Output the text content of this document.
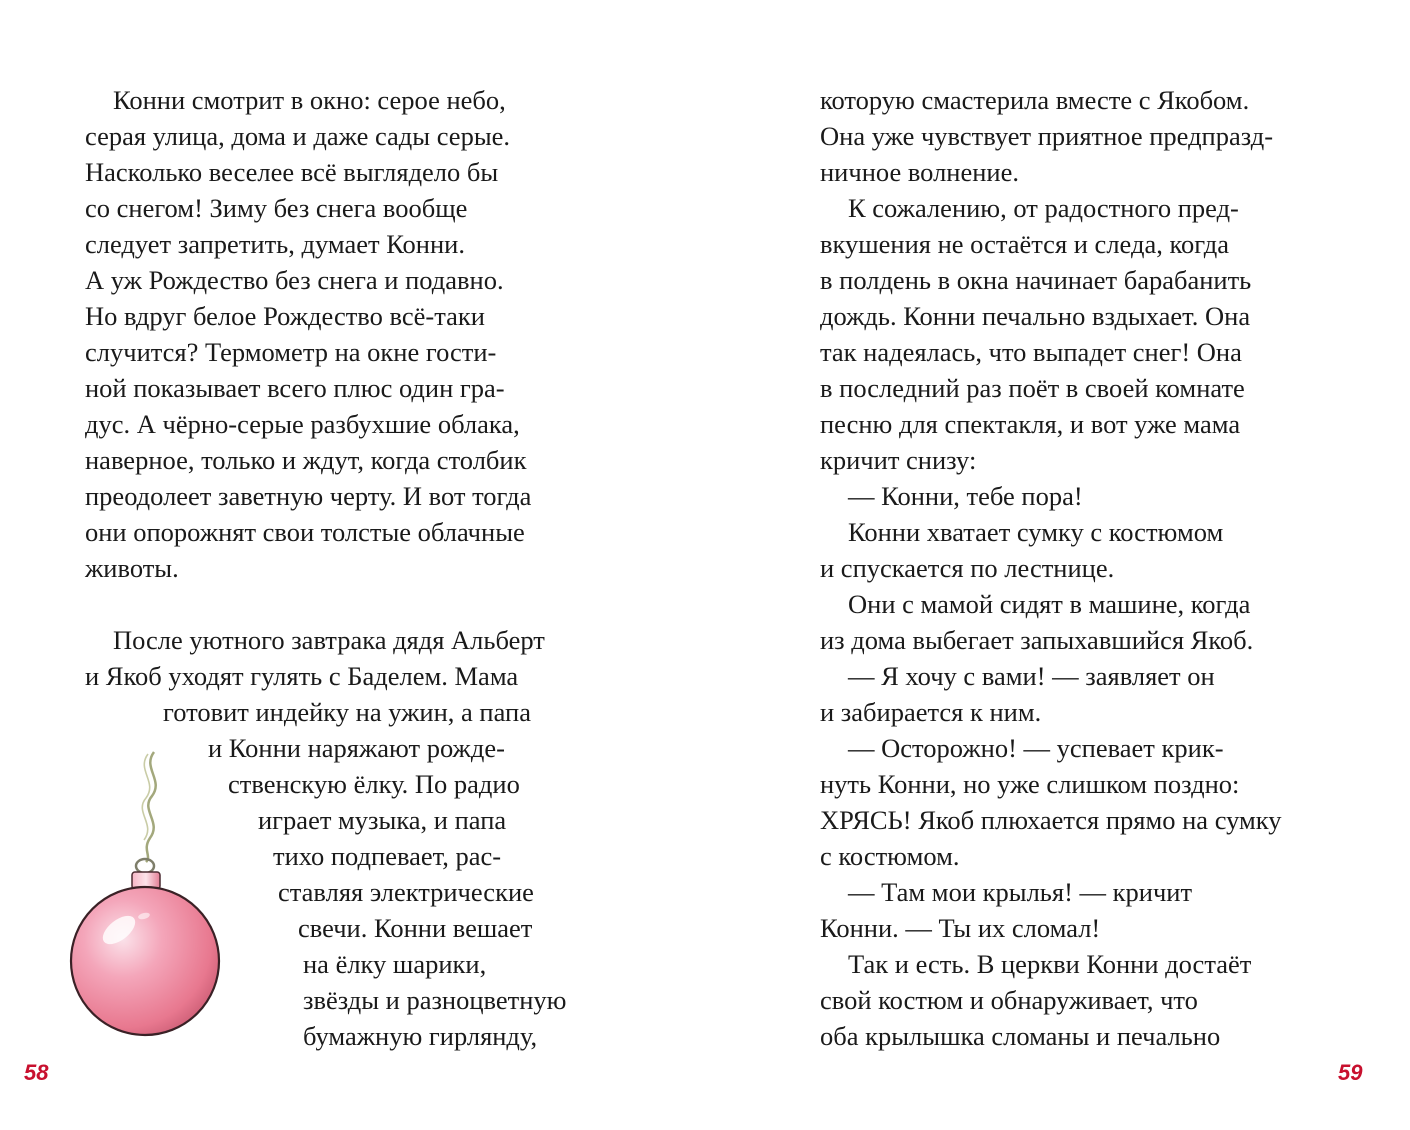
Конни смотрит в окно: серое небо,
серая улица, дома и даже сады серые.
Насколько веселее всё выглядело бы
со снегом! Зиму без снега вообще
следует запретить, думает Конни.
А уж Рождество без снега и подавно.
Но вдруг белое Рождество всё-таки
случится? Термометр на окне гости-
ной показывает всего плюс один гра-
дус. А чёрно-серые разбухшие облака,
наверное, только и ждут, когда столбик
преодолеет заветную черту. И вот тогда
они опорожнят свои толстые облачные
животы.
После уютного завтрака дядя Альберт
и Якоб уходят гулять с Баделем. Мама
готовит индейку на ужин, а папа
и Конни наряжают рожде-
ственскую ёлку. По радио
играет музыка, и папа
тихо подпевает, рас-
ставляя электрические
свечи. Конни вешает
на ёлку шарики,
звёзды и разноцветную
бумажную гирлянду,
58
которую смастерила вместе с Якобом.
Она уже чувствует приятное предпразд-
ничное волнение.
К сожалению, от радостного пред-
вкушения не остаётся и следа, когда
в полдень в окна начинает барабанить
дождь. Конни печально вздыхает. Она
так надеялась, что выпадет снег! Она
в последний раз поёт в своей комнате
песню для спектакля, и вот уже мама
кричит снизу:
— Конни, тебе пора!
Конни хватает сумку с костюмом
и спускается по лестнице.
Они с мамой сидят в машине, когда
из дома выбегает запыхавшийся Якоб.
— Я хочу с вами! — заявляет он
и забирается к ним.
— Осторожно! — успевает крик-
нуть Конни, но уже слишком поздно:
ХРЯСЬ! Якоб плюхается прямо на сумку
с костюмом.
— Там мои крылья! — кричит
Конни. — Ты их сломал!
Так и есть. В церкви Конни достаёт
свой костюм и обнаруживает, что
оба крылышка сломаны и печально
59
